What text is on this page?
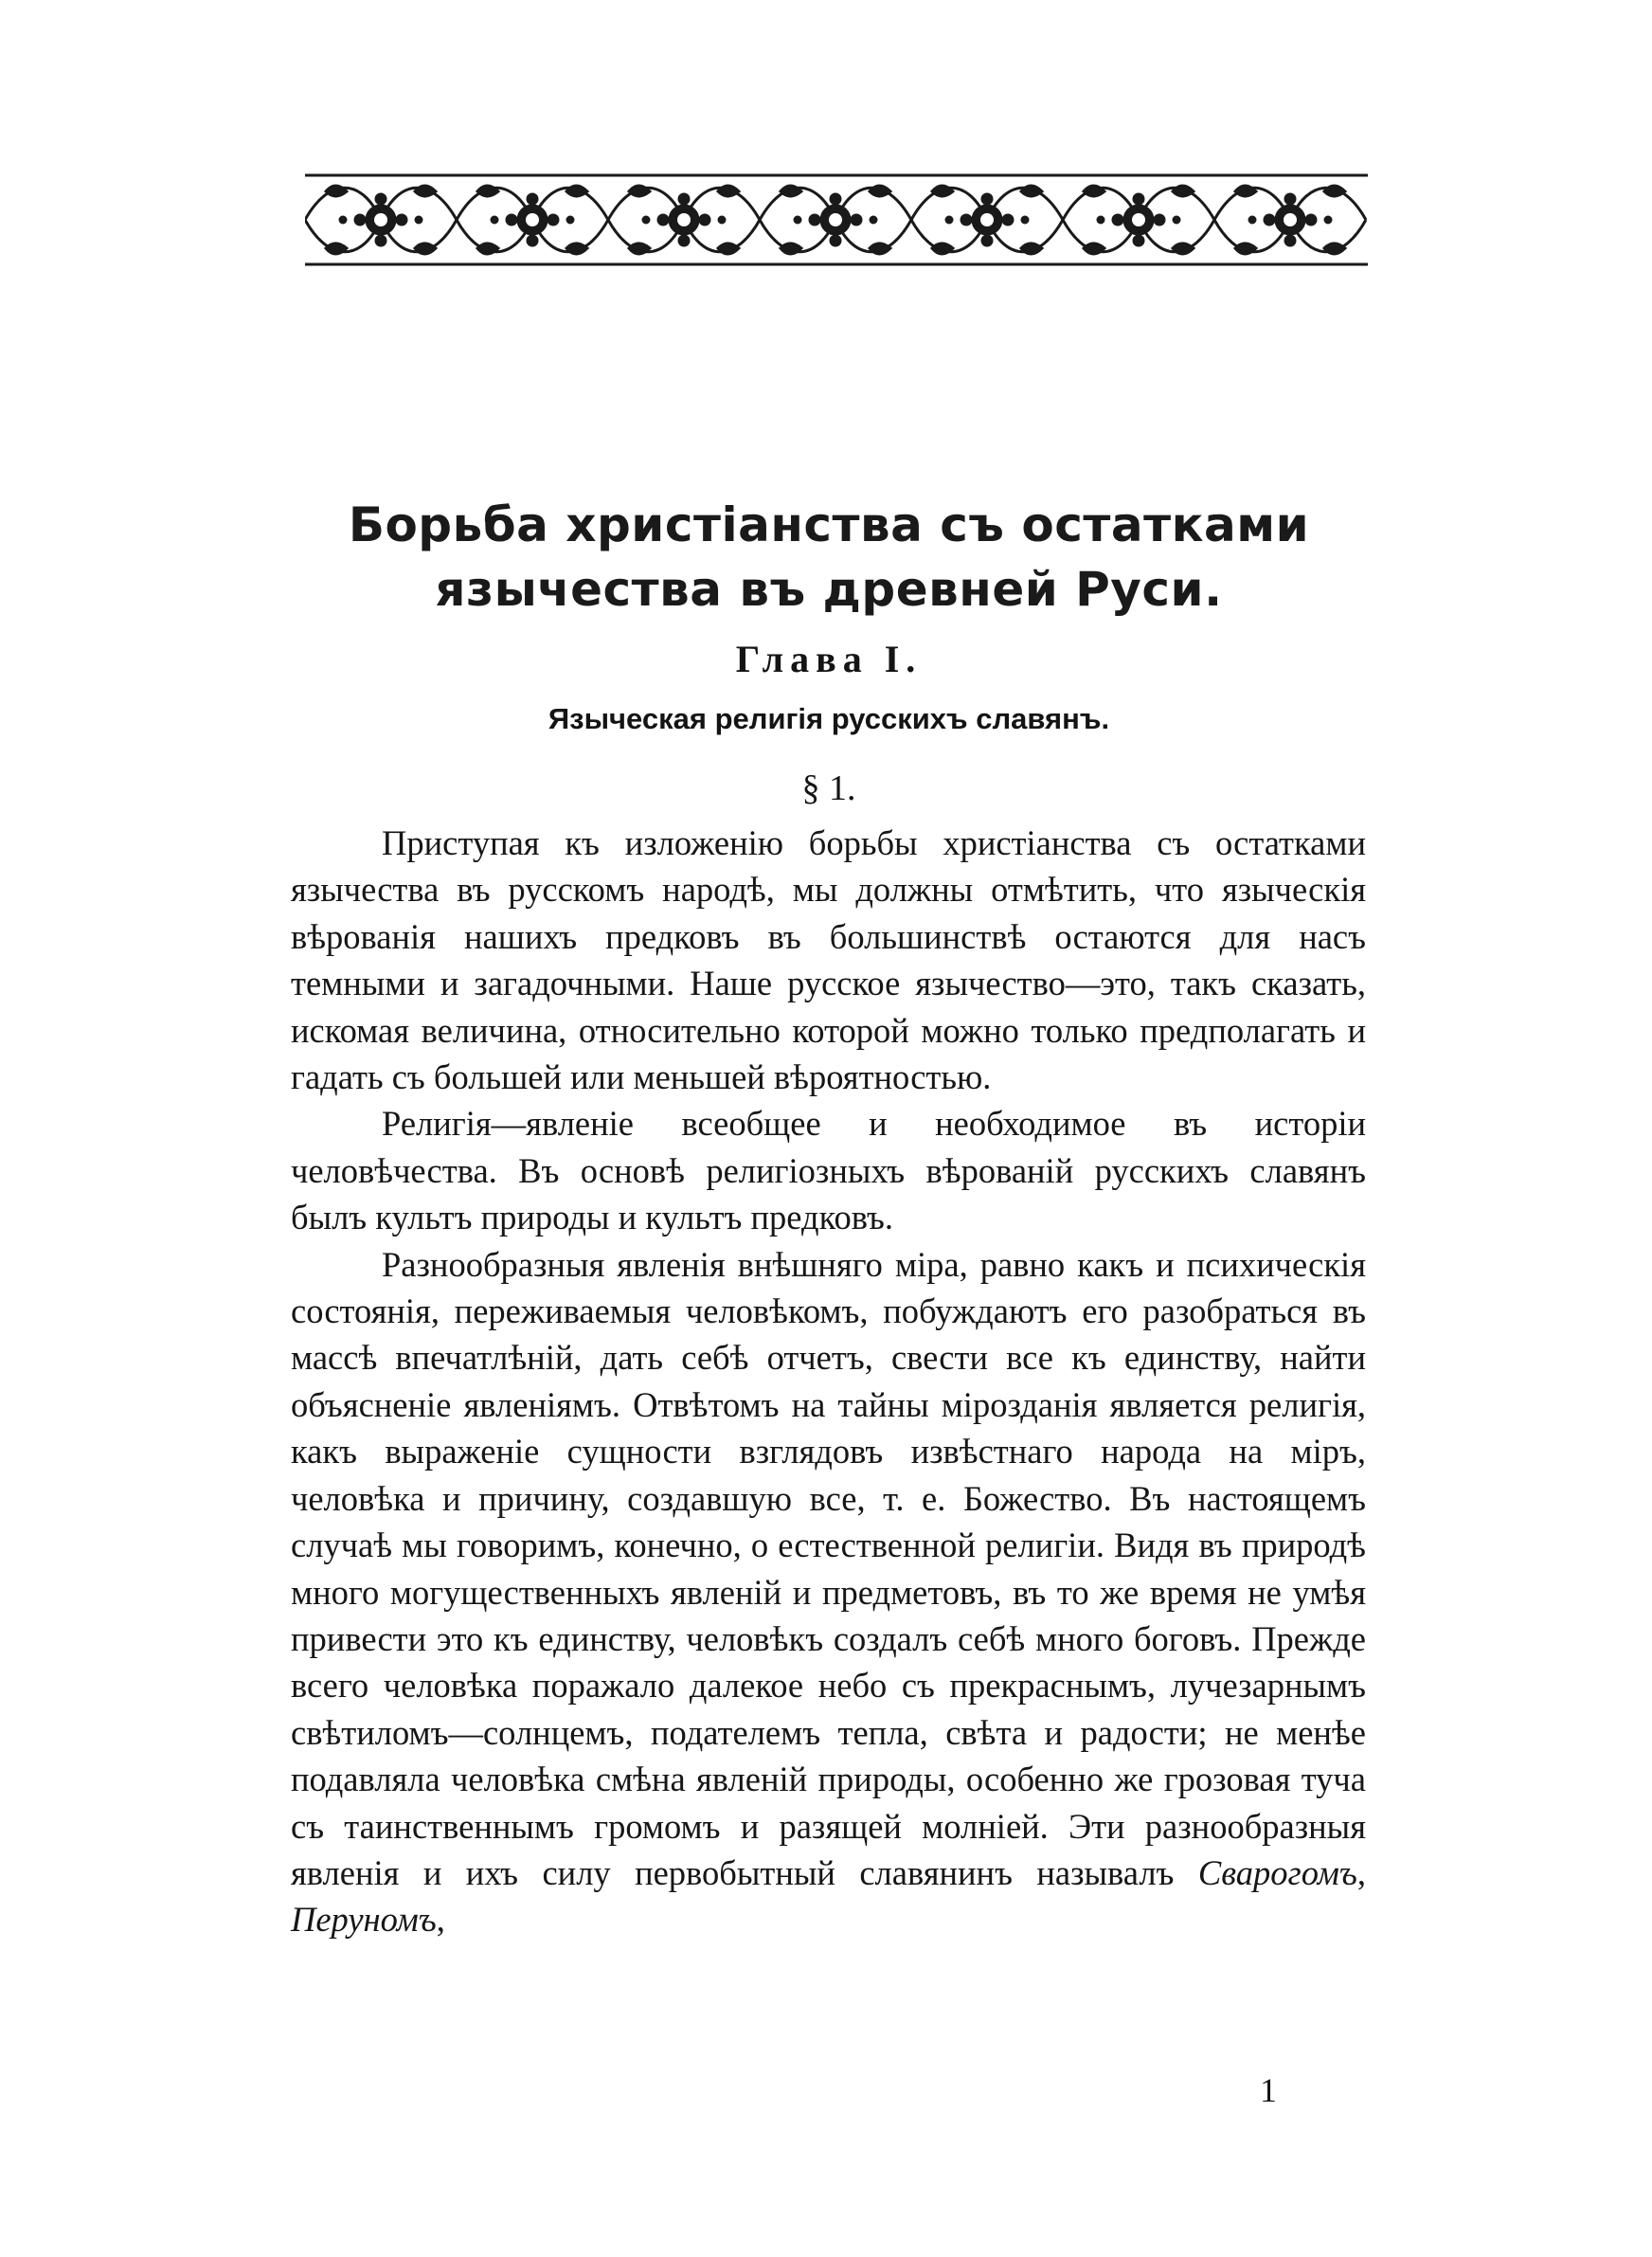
Борьба христіанства съ остатками язычества въ древней Руси.
Глава I.
Языческая религія русскихъ славянъ.

§ 1.

Приступая къ изложенію борьбы христіанства съ остатками язычества въ русскомъ народѣ, мы должны отмѣтить, что языческія вѣрованія нашихъ предковъ въ большинствѣ остаются для насъ темными и загадочными. Наше русское язычество—это, такъ сказать, искомая величина, относительно которой можно только предполагать и гадать съ большей или меньшей вѣроятностью.

Религія—явленіе всеобщее и необходимое въ исторіи человѣчества. Въ основѣ религіозныхъ вѣрованій русскихъ славянъ былъ культъ природы и культъ предковъ.

Разнообразныя явленія внѣшняго міра, равно какъ и психическія состоянія, переживаемыя человѣкомъ, побуждаютъ его разобраться въ массѣ впечатлѣній, дать себѣ отчетъ, свести все къ единству, найти объясненіе явленіямъ. Отвѣтомъ на тайны мірозданія является религія, какъ выраженіе сущности взглядовъ извѣстнаго народа на міръ, человѣка и причину, создавшую все, т. е. Божество. Въ настоящемъ случаѣ мы говоримъ, конечно, о естественной религіи. Видя въ природѣ много могущественныхъ явленій и предметовъ, въ то же время не умѣя привести это къ единству, человѣкъ создалъ себѣ много боговъ. Прежде всего человѣка поражало далекое небо съ прекраснымъ, лучезарнымъ свѣтиломъ—солнцемъ, подателемъ тепла, свѣта и радости; не менѣе подавляла человѣка смѣна явленій природы, особенно же грозовая туча съ таинственнымъ громомъ и разящей молніей. Эти разнообразныя явленія и ихъ силу первобытный славянинъ называлъ Сварогомъ, Перуномъ,

1
